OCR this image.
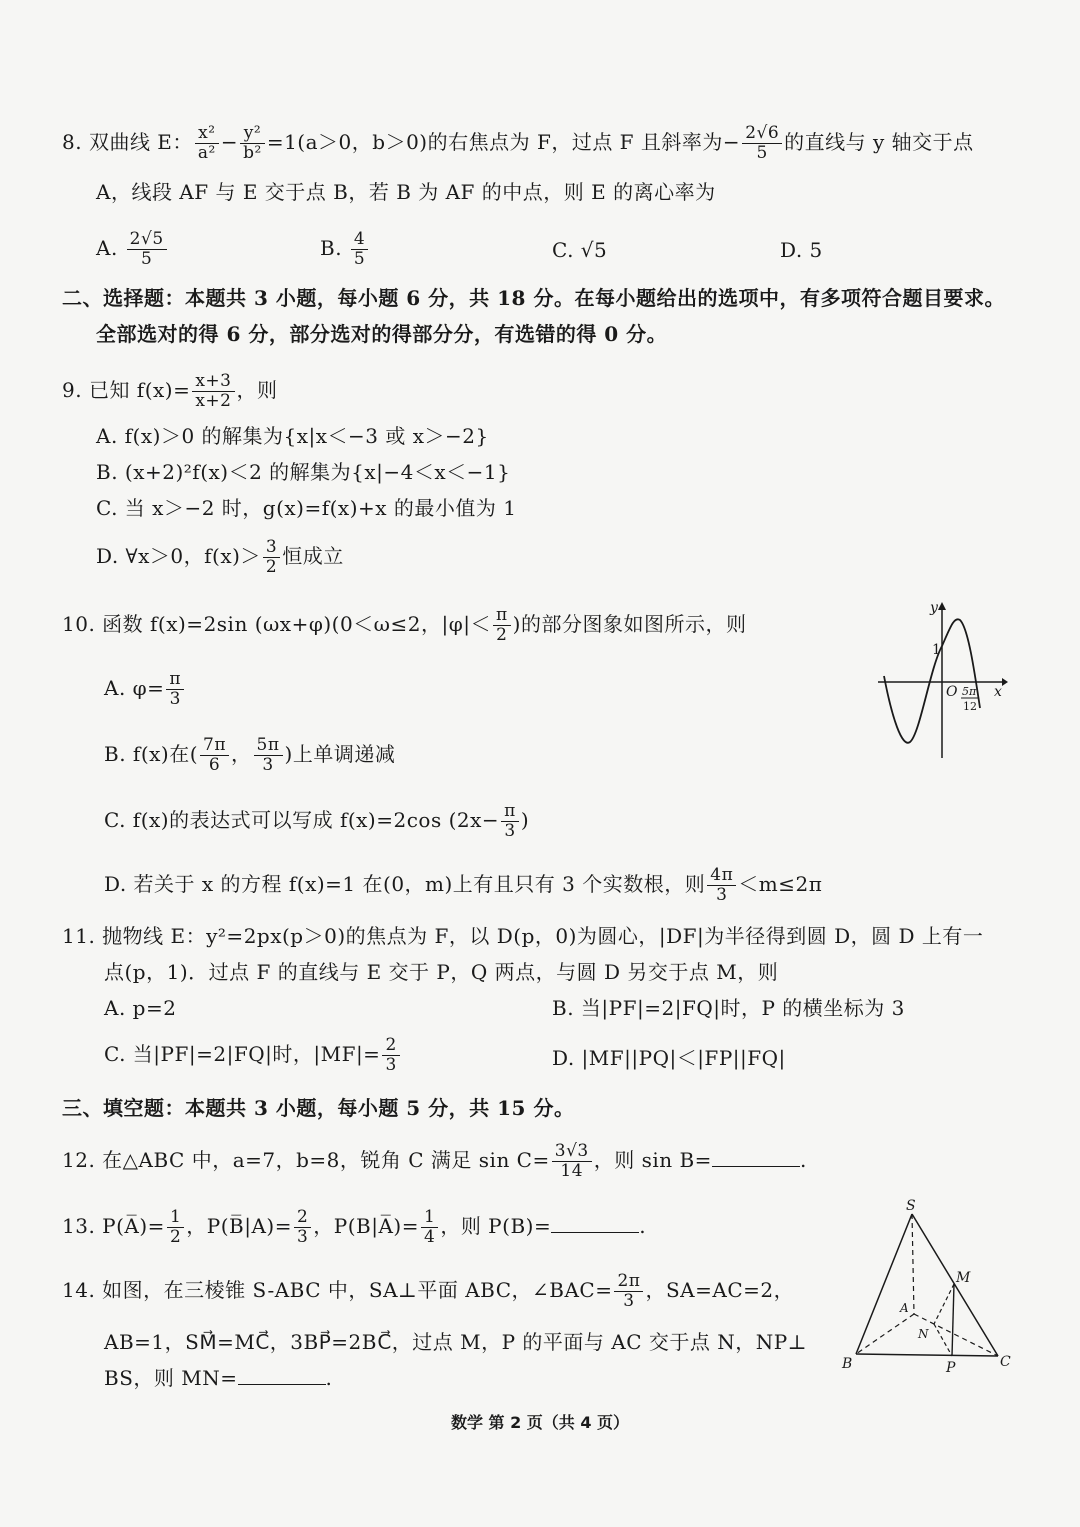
8. 双曲线 E： $\frac{\text{x²}}{\text{a²}} - \frac{\text{y²}}{\text{b²}} =1(a>0$，b＞0)的右焦点为 F，过点 F 且斜率为− $\frac{2√6}{5}$ 的直线与 y 轴交于点
A，线段 AF 与 E 交于点 B，若 B 为 AF 的中点，则 E 的离心率为
A. $\frac{2√5}{5}$	B. $\frac{4}{5}$	C. √5	D. 5
二、选择题：本题共 3 小题，每小题 6 分，共 18 分。在每小题给出的选项中，有多项符合题目要求。
全部选对的得 6 分，部分选对的得部分分，有选错的得 0 分。
9. 已知 $f(x)= \frac{x+3}{x+2}$ ，则
A. f(x)＞0 的解集为{x|x＜−3 或 x＞−2}
B. (x+2)²f(x)＜2 的解集为{x|−4＜x＜−1}
C. 当 x＞−2 时，g(x)=f(x)+x 的最小值为 1
D. ∀x＞0，$f(x)> \frac{3}{2}$ 恒成立
10. 函数 f(x)=2sin (ωx+φ)(0＜ω≤2，$|\varphi|< \frac{\pi}{2}$ )的部分图象如图所示，则
A. $\varphi= \frac{\pi}{3}$
B. f(x)在( $\frac{7\pi}{6}$ ， $\frac{5\pi}{3}$ )上单调递减
C. f(x)的表达式可以写成 f(x)=2cos ($2x- \frac{\pi}{3}$ )
D. 若关于 x 的方程 f(x)=1 在(0，m)上有且只有 3 个实数根，则 $\frac{4\pi}{3} <m\le 2\pi$
y
1
O	x
5π
12
11. 抛物线 E：y²=2px(p＞0)的焦点为 F，以 D(p，0)为圆心，|DF|为半径得到圆 D，圆 D 上有一
点(p，1)．过点 F 的直线与 E 交于 P，Q 两点，与圆 D 另交于点 M，则
A. p=2	B. 当|PF|=2|FQ|时，P 的横坐标为 3
C. 当|PF|=2|FQ|时，$|MF|= \frac{2}{3}$	D. |MF||PQ|＜|FP||FQ|
三、填空题：本题共 3 小题，每小题 5 分，共 15 分。
12. 在△ABC 中，a=7，b=8，锐角 C 满足 $\sin C= \frac{3√3}{14}$ ，则 sin B=	.
13. P(A̅)= $\frac{1}{2}$ ，P(B̅|A)= $\frac{2}{3}$ ，P(B|A̅)= $\frac{1}{4}$ ，则 P(B)=	.
14. 如图，在三棱锥 S-ABC 中，SA⊥平面 ABC，∠BAC= $\frac{2\pi}{3}$ ，SA=AC=2，
AB=1，SM⃗=MC⃗，3BP⃗=2BC⃗，过点 M，P 的平面与 AC 交于点 N，NP⊥
BS，则 MN=	.
S
A
B	C
M
N
P
数学 第 2 页（共 4 页）
